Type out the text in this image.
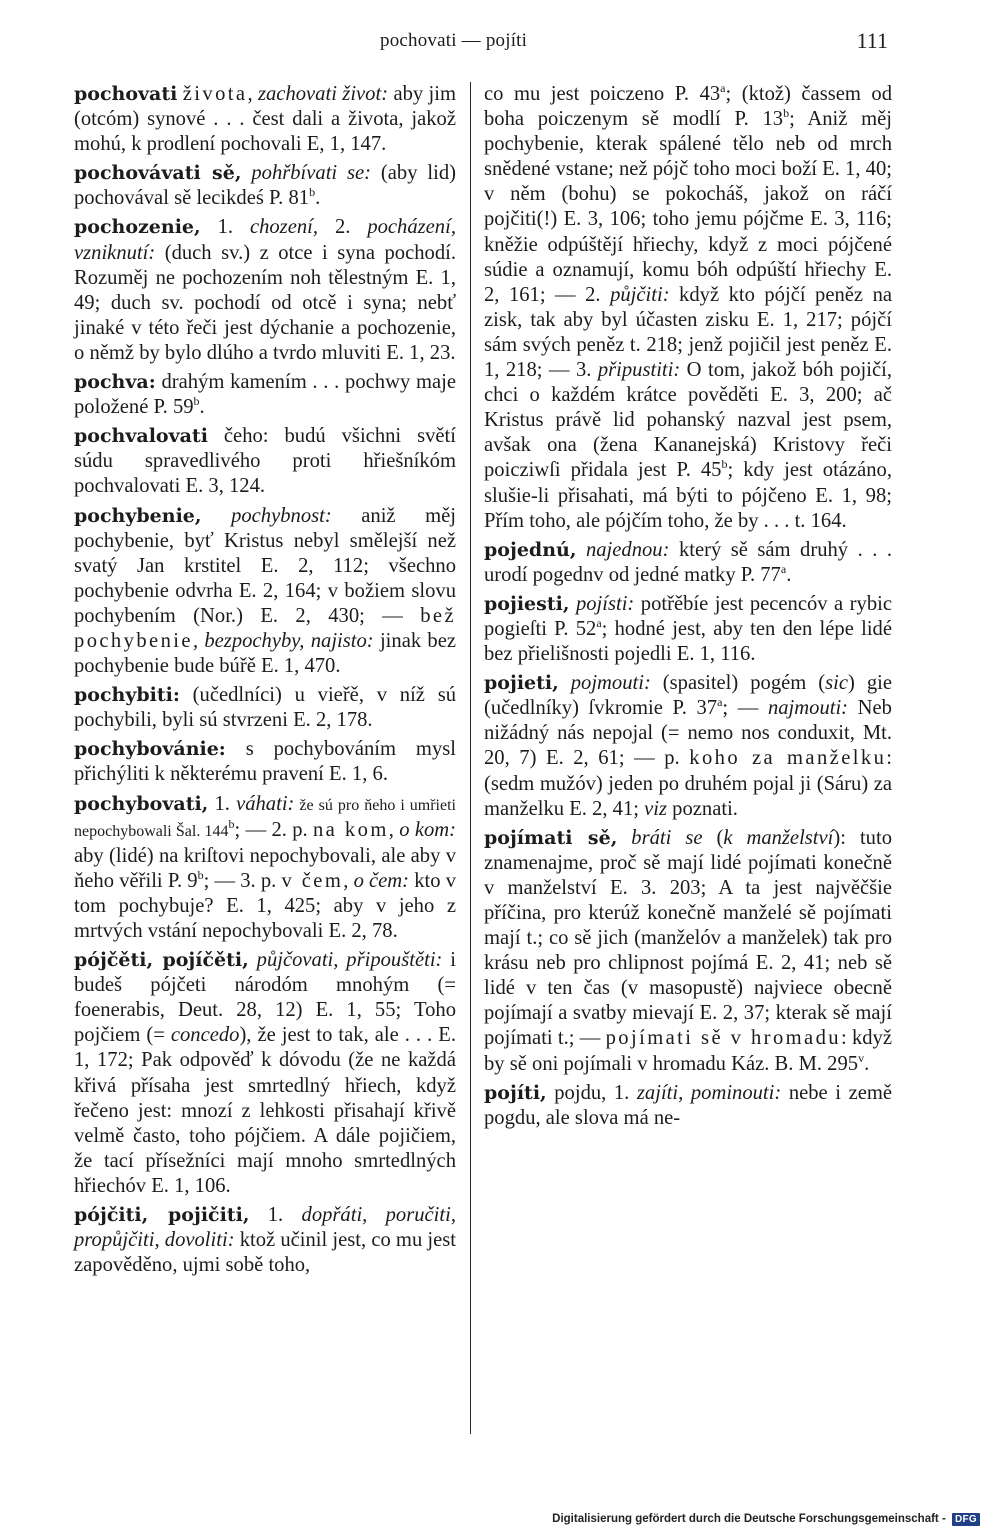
pochovati — pojíti	111

pochovati života, zachovati život: aby jim (otcóm) synové . . . čest dali a života, jakož mohú, k prodlení pochovali E, 1, 147.

pochovávati sě, pohřbívati se: (aby lid) pochovával sě lecikdeś P. 81$^b$.

pochozenie, 1. chození, 2. pocházení, vzniknutí: (duch sv.) z otce i syna pochodí. Rozuměj ne pochozením noh tělestným E. 1, 49; duch sv. pochodí od otcě i syna; nebť jinaké v této řeči jest dýchanie a pochozenie, o němž by bylo dlúho a tvrdo mluviti E. 1, 23.

pochva: drahým kamením . . . pochwy maje položené P. 59$^b$.

pochvalovati čeho: budú všichni světí súdu spravedlivého proti hřiešníkóm pochvalovati E. 3, 124.

pochybenie, pochybnost: aniž měj pochybenie, byť Kristus nebyl smělejší než svatý Jan krstitel E. 2, 112; všechno pochybenie odvrha E. 2, 164; v božiem slovu pochybením (Nor.) E. 2, 430; — bež pochybenie, bezpochyby, najisto: jinak bez pochybenie bude búřě E. 1, 470.

pochybiti: (učedlníci) u vieřě, v níž sú pochybili, byli sú stvrzeni E. 2, 178.

pochybovánie: s pochybováním mysl přichýliti k některému pravení E. 1, 6.

pochybovati, 1. váhati: že sú pro ňeho i umřieti nepochybowali Šal. 144$^b$; — 2. p. na kom, o kom: aby (lidé) na kriſtovi nepochybovali, ale aby v ňeho věřili P. 9$^b$; — 3. p. v čem, o čem: kto v tom pochybuje? E. 1, 425; aby v jeho z mrtvých vstání nepochybovali E. 2, 78.

pójčěti, pojíčěti, půjčovati, připouštěti: i budeš pójčeti národóm mnohým (= foenerabis, Deut. 28, 12) E. 1, 55; Toho pojčiem (= concedo), že jest to tak, ale . . . E. 1, 172; Pak odpověď k dóvodu (že ne každá křivá přísaha jest smrtedlný hřiech, když řečeno jest: mnozí z lehkosti přisahají křivě velmě často, toho pójčiem. A dále pojičiem, že tací přísežníci mají mnoho smrtedlných hřiechóv E. 1, 106.

pójčiti, pojičiti, 1. dopřáti, poručiti, propůjčiti, dovoliti: ktož učinil jest, co mu jest zapověděno, ujmi sobě toho,

co mu jest poiczeno P. 43$^a$; (ktož) čassem od boha poiczenym sě modlí P. 13$^b$; Aniž měj pochybenie, kterak spálené tělo neb od mrch snědené vstane; než pójč toho moci boží E. 1, 40; v něm (bohu) se pokocháš, jakož on ráčí pojčiti(!) E. 3, 106; toho jemu pójčme E. 3, 116; kněžie odpúštějí hřiechy, když z moci pójčené súdie a oznamují, komu bóh odpúští hřiechy E. 2, 161; — 2. půjčiti: když kto pójčí peněz na zisk, tak aby byl účasten zisku E. 1, 217; pójčí sám svých peněz t. 218; jenž pojičil jest peněz E. 1, 218; — 3. připustiti: O tom, jakož bóh pojičí, chci o každém krátce pověděti E. 3, 200; ač Kristus právě lid pohanský nazval jest psem, avšak ona (žena Kananejská) Kristovy řeči poicziwſi přidala jest P. 45$^b$; kdy jest otázáno, slušie-li přisahati, má býti to pójčeno E. 1, 98; Přím toho, ale pójčím toho, že by . . . t. 164.

pojednú, najednou: který sě sám druhý . . . urodí pogednv od jedné matky P. 77$^a$.

pojiesti, pojísti: potřěbíe jest pecencóv a rybic pogieſti P. 52$^a$; hodné jest, aby ten den lépe lidé bez přielišnosti pojedli E. 1, 116.

pojieti, pojmouti: (spasitel) pogém (sic) gie (učedlníky) ſvkromie P. 37$^a$; — najmouti: Neb nižádný nás nepojal (= nemo nos conduxit, Mt. 20, 7) E. 2, 61; — p. koho za manželku: (sedm mužóv) jeden po druhém pojal ji (Sáru) za manželku E. 2, 41; viz poznati.

pojímati sě, bráti se (k manželství): tuto znamenajme, proč sě mají lidé pojímati konečně v manželství E. 3. 203; A ta jest najvěčšie příčina, pro kterúž konečně manželé sě pojímati mají t.; co sě jich (manželóv a manželek) tak pro krásu neb pro chlipnost pojímá E. 2, 41; neb sě lidé v ten čas (v masopustě) najviece obecně pojímají a svatby mievají E. 2, 37; kterak sě mají pojímati t.; — pojímati sě v hromadu: když by sě oni pojímali v hromadu Káz. B. M. 295$^v$.

pojíti, pojdu, 1. zajíti, pominouti: nebe i země pogdu, ale slova má ne-

Digitalisierung gefördert durch die Deutsche Forschungsgemeinschaft - DFG
